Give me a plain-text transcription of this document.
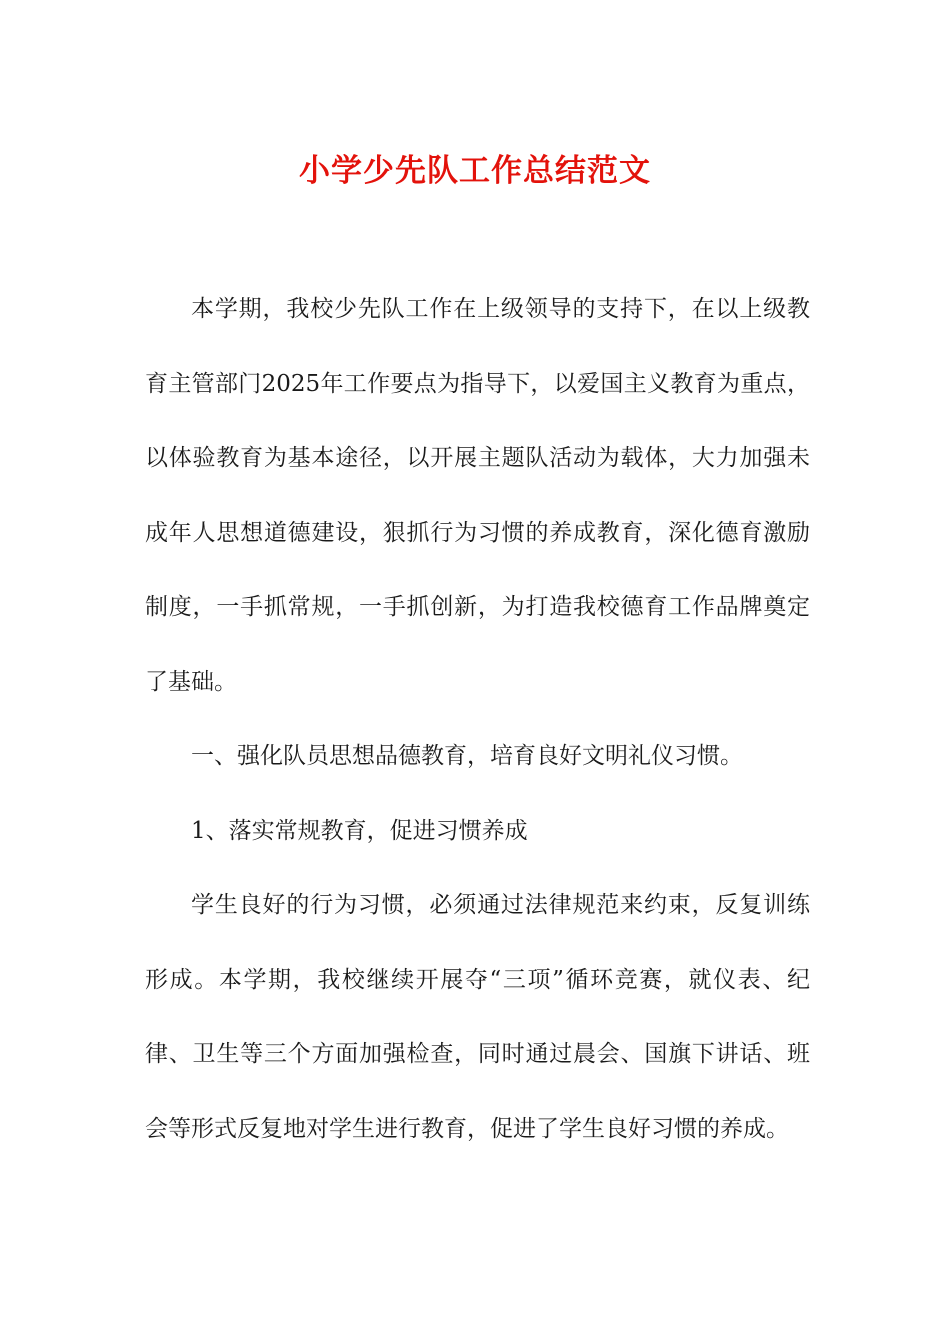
小学少先队工作总结范文

本学期，我校少先队工作在上级领导的支持下，在以上级教育主管部门2025年工作要点为指导下，以爱国主义教育为重点，以体验教育为基本途径，以开展主题队活动为载体，大力加强未成年人思想道德建设，狠抓行为习惯的养成教育，深化德育激励制度，一手抓常规，一手抓创新，为打造我校德育工作品牌奠定了基础。

一、强化队员思想品德教育，培育良好文明礼仪习惯。

1、落实常规教育，促进习惯养成

学生良好的行为习惯，必须通过法律规范来约束，反复训练形成。本学期，我校继续开展夺“三项”循环竞赛，就仪表、纪律、卫生等三个方面加强检查，同时通过晨会、国旗下讲话、班会等形式反复地对学生进行教育，促进了学生良好习惯的养成。
